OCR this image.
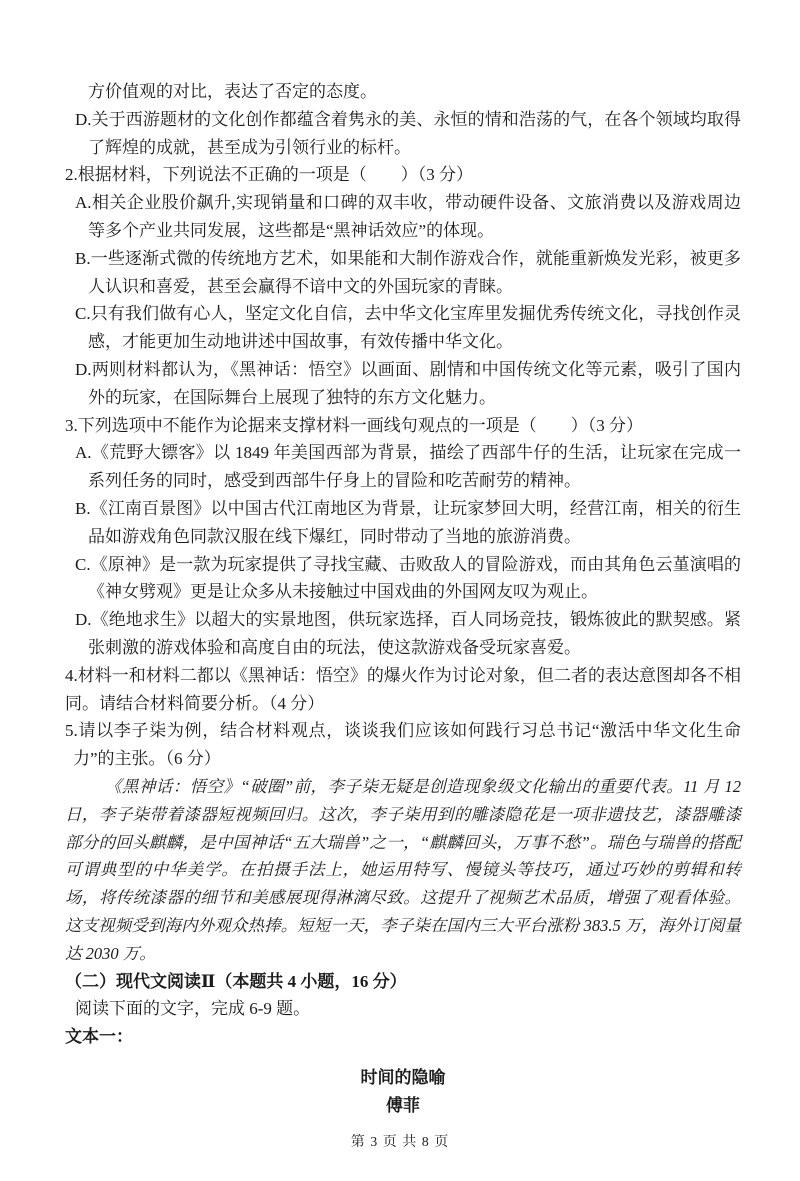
方价值观的对比，表达了否定的态度。
D.关于西游题材的文化创作都蕴含着隽永的美、永恒的情和浩荡的气，在各个领域均取得了辉煌的成就，甚至成为引领行业的标杆。
2.根据材料，下列说法不正确的一项是（　　）（3 分）
A.相关企业股价飙升,实现销量和口碑的双丰收，带动硬件设备、文旅消费以及游戏周边等多个产业共同发展，这些都是“黑神话效应”的体现。
B.一些逐渐式微的传统地方艺术，如果能和大制作游戏合作，就能重新焕发光彩，被更多人认识和喜爱，甚至会赢得不谙中文的外国玩家的青睐。
C.只有我们做有心人，坚定文化自信，去中华文化宝库里发掘优秀传统文化，寻找创作灵感，才能更加生动地讲述中国故事，有效传播中华文化。
D.两则材料都认为，《黑神话：悟空》以画面、剧情和中国传统文化等元素，吸引了国内外的玩家，在国际舞台上展现了独特的东方文化魅力。
3.下列选项中不能作为论据来支撑材料一画线句观点的一项是（　　）（3 分）
A.《荒野大镖客》以 1849 年美国西部为背景，描绘了西部牛仔的生活，让玩家在完成一系列任务的同时，感受到西部牛仔身上的冒险和吃苦耐劳的精神。
B.《江南百景图》以中国古代江南地区为背景，让玩家梦回大明，经营江南，相关的衍生品如游戏角色同款汉服在线下爆红，同时带动了当地的旅游消费。
C.《原神》是一款为玩家提供了寻找宝藏、击败敌人的冒险游戏，而由其角色云堇演唱的《神女劈观》更是让众多从未接触过中国戏曲的外国网友叹为观止。
D.《绝地求生》以超大的实景地图，供玩家选择，百人同场竞技，锻炼彼此的默契感。紧张刺激的游戏体验和高度自由的玩法，使这款游戏备受玩家喜爱。
4.材料一和材料二都以《黑神话：悟空》的爆火作为讨论对象，但二者的表达意图却各不相同。请结合材料简要分析。（4 分）
5.请以李子柒为例，结合材料观点，谈谈我们应该如何践行习总书记“激活中华文化生命力”的主张。（6 分）
《黑神话：悟空》“破圈”前，李子柒无疑是创造现象级文化输出的重要代表。11 月 12 日，李子柒带着漆器短视频回归。这次，李子柒用到的雕漆隐花是一项非遗技艺，漆器雕漆部分的回头麒麟，是中国神话“五大瑞兽”之一，“麒麟回头，万事不愁”。瑞色与瑞兽的搭配可谓典型的中华美学。在拍摄手法上，她运用特写、慢镜头等技巧，通过巧妙的剪辑和转场，将传统漆器的细节和美感展现得淋漓尽致。这提升了视频艺术品质，增强了观看体验。这支视频受到海内外观众热捧。短短一天，李子柒在国内三大平台涨粉 383.5 万，海外订阅量达 2030 万。
（二）现代文阅读Ⅱ（本题共 4 小题，16 分）
阅读下面的文字，完成 6-9 题。
文本一：
时间的隐喻
傅菲
第 3 页 共 8 页
